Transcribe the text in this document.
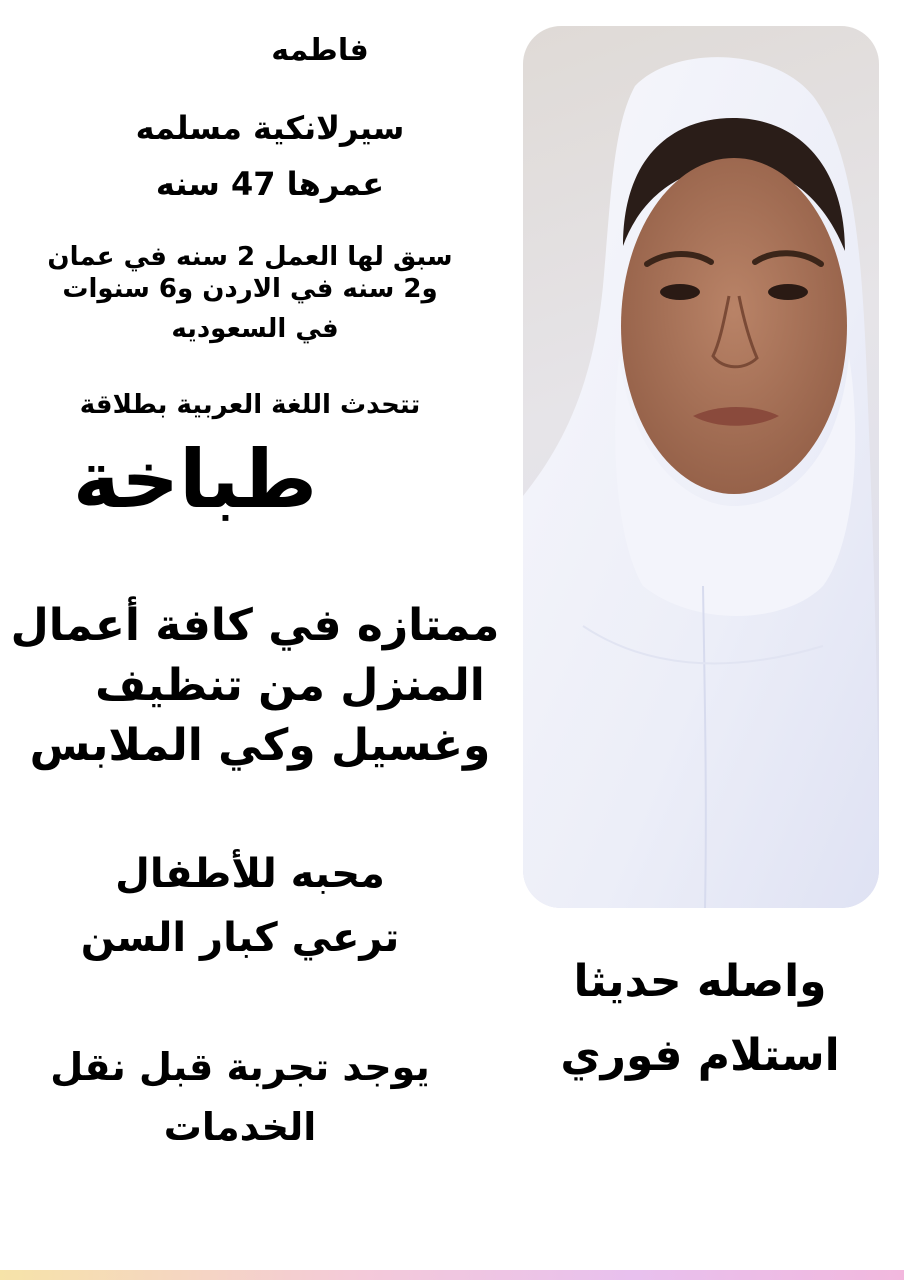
فاطمه
سيرلانكية مسلمه
عمرها 47 سنه
سبق لها العمل 2 سنه في عمان
و2 سنه في الاردن و6 سنوات
في السعوديه
تتحدث اللغة العربية بطلاقة
طباخة
ممتازه في كافة أعمال
المنزل من تنظيف
وغسيل وكي الملابس
محبه للأطفال
ترعي كبار السن
يوجد تجربة قبل نقل
الخدمات
واصله حديثا
استلام فوري
